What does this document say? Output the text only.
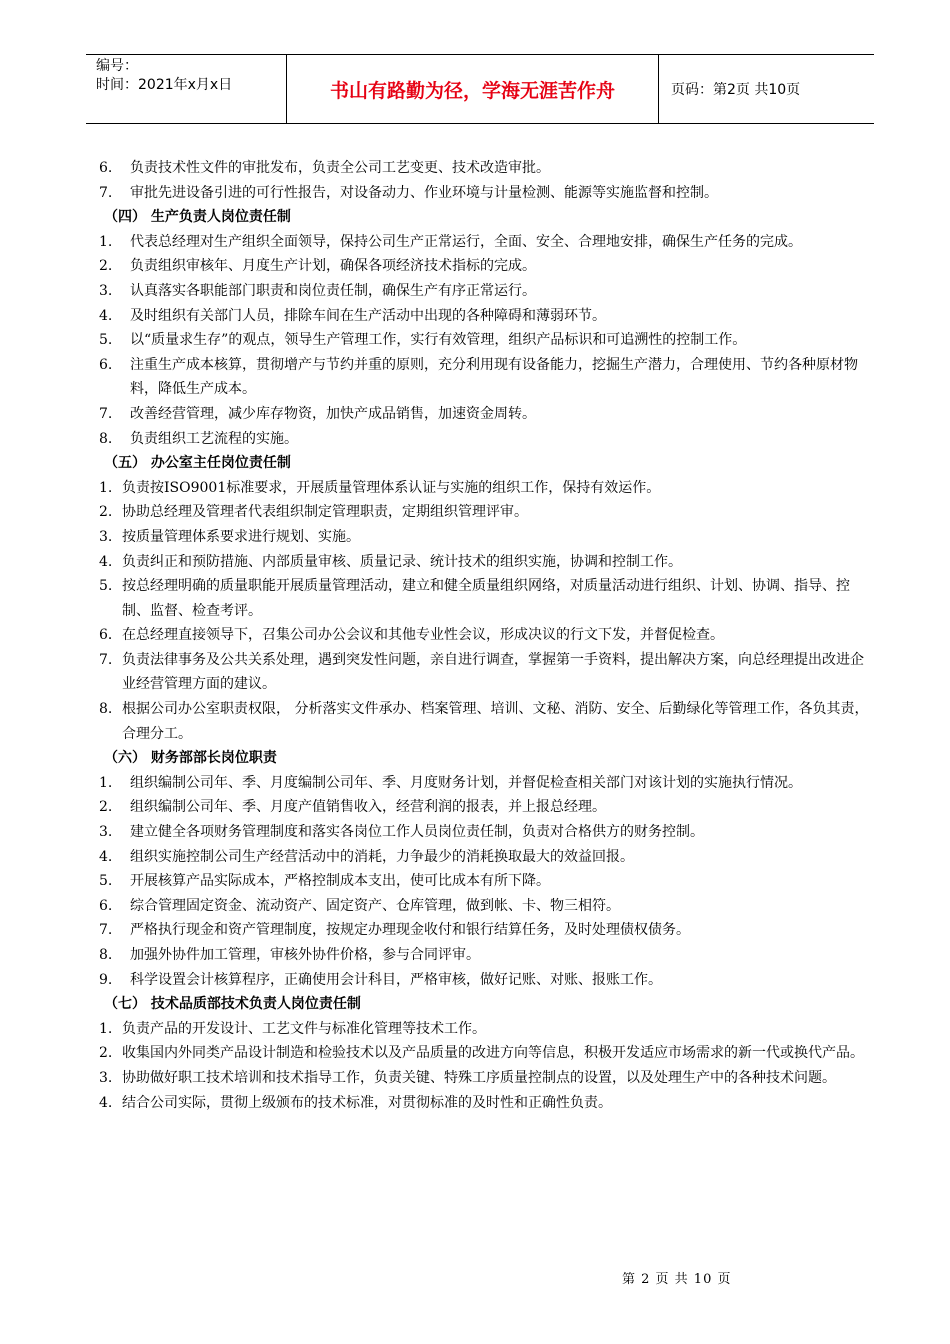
编号：
时间：2021年x月x日	书山有路勤为径，学海无涯苦作舟	页码：第2页 共10页
6. 负责技术性文件的审批发布，负责全公司工艺变更、技术改造审批。
7. 审批先进设备引进的可行性报告，对设备动力、作业环境与计量检测、能源等实施监督和控制。
（四） 生产负责人岗位责任制
1. 代表总经理对生产组织全面领导，保持公司生产正常运行，全面、安全、合理地安排，确保生产任务的完成。
2. 负责组织审核年、月度生产计划，确保各项经济技术指标的完成。
3. 认真落实各职能部门职责和岗位责任制，确保生产有序正常运行。
4. 及时组织有关部门人员，排除车间在生产活动中出现的各种障碍和薄弱环节。
5. 以“质量求生存”的观点，领导生产管理工作，实行有效管理，组织产品标识和可追溯性的控制工作。
6. 注重生产成本核算，贯彻增产与节约并重的原则，充分利用现有设备能力，挖掘生产潜力，合理使用、节约各种原材物料，降低生产成本。
7. 改善经营管理，减少库存物资，加快产成品销售，加速资金周转。
8. 负责组织工艺流程的实施。
（五） 办公室主任岗位责任制
1. 负责按ISO9001标准要求，开展质量管理体系认证与实施的组织工作，保持有效运作。
2. 协助总经理及管理者代表组织制定管理职责，定期组织管理评审。
3. 按质量管理体系要求进行规划、实施。
4. 负责纠正和预防措施、内部质量审核、质量记录、统计技术的组织实施，协调和控制工作。
5. 按总经理明确的质量职能开展质量管理活动，建立和健全质量组织网络，对质量活动进行组织、计划、协调、指导、控制、监督、检查考评。
6． 在总经理直接领导下，召集公司办公会议和其他专业性会议，形成决议的行文下发，并督促检查。
7. 负责法律事务及公共关系处理，遇到突发性问题，亲自进行调查，掌握第一手资料，提出解决方案，向总经理提出改进企业经营管理方面的建议。
8. 根据公司办公室职责权限， 分析落实文件承办、档案管理、培训、文秘、消防、安全、后勤绿化等管理工作，各负其责，合理分工。
（六） 财务部部长岗位职责
1. 组织编制公司年、季、月度编制公司年、季、月度财务计划，并督促检查相关部门对该计划的实施执行情况。
2. 组织编制公司年、季、月度产值销售收入，经营利润的报表，并上报总经理。
3. 建立健全各项财务管理制度和落实各岗位工作人员岗位责任制，负责对合格供方的财务控制。
4. 组织实施控制公司生产经营活动中的消耗，力争最少的消耗换取最大的效益回报。
5. 开展核算产品实际成本，严格控制成本支出，使可比成本有所下降。
6. 综合管理固定资金、流动资产、固定资产、仓库管理，做到帐、卡、物三相符。
7. 严格执行现金和资产管理制度，按规定办理现金收付和银行结算任务，及时处理债权债务。
8. 加强外协件加工管理，审核外协件价格，参与合同评审。
9. 科学设置会计核算程序，正确使用会计科目，严格审核，做好记账、对账、报账工作。
（七） 技术品质部技术负责人岗位责任制
1. 负责产品的开发设计、工艺文件与标准化管理等技术工作。
2. 收集国内外同类产品设计制造和检验技术以及产品质量的改进方向等信息，积极开发适应市场需求的新一代或换代产品。
3. 协助做好职工技术培训和技术指导工作，负责关键、特殊工序质量控制点的设置，以及处理生产中的各种技术问题。
4. 结合公司实际，贯彻上级颁布的技术标准，对贯彻标准的及时性和正确性负责。
第 2 页 共 10 页
